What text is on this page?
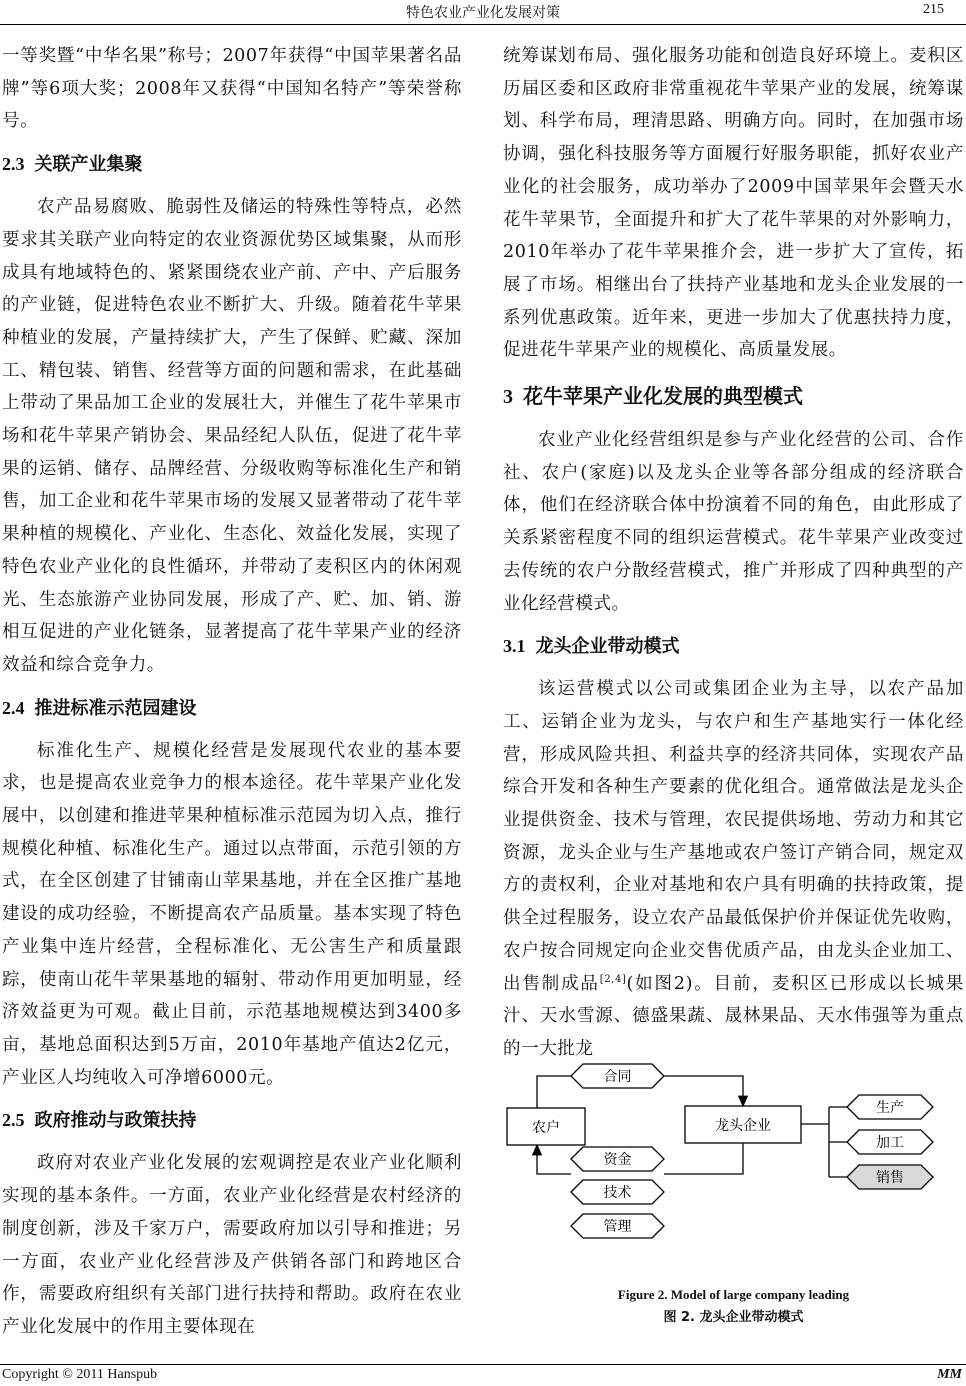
特色农业产业化发展对策	215

一等奖暨“中华名果”称号；2007年获得“中国苹果著名品牌”等6项大奖；2008年又获得“中国知名特产”等荣誉称号。

2.3 关联产业集聚

农产品易腐败、脆弱性及储运的特殊性等特点，必然要求其关联产业向特定的农业资源优势区域集聚，从而形成具有地域特色的、紧紧围绕农业产前、产中、产后服务的产业链，促进特色农业不断扩大、升级。随着花牛苹果种植业的发展，产量持续扩大，产生了保鲜、贮藏、深加工、精包装、销售、经营等方面的问题和需求，在此基础上带动了果品加工企业的发展壮大，并催生了花牛苹果市场和花牛苹果产销协会、果品经纪人队伍，促进了花牛苹果的运销、储存、品牌经营、分级收购等标准化生产和销售，加工企业和花牛苹果市场的发展又显著带动了花牛苹果种植的规模化、产业化、生态化、效益化发展，实现了特色农业产业化的良性循环，并带动了麦积区内的休闲观光、生态旅游产业协同发展，形成了产、贮、加、销、游相互促进的产业化链条，显著提高了花牛苹果产业的经济效益和综合竞争力。

2.4 推进标准示范园建设

标准化生产、规模化经营是发展现代农业的基本要求，也是提高农业竞争力的根本途径。花牛苹果产业化发展中，以创建和推进苹果种植标准示范园为切入点，推行规模化种植、标准化生产。通过以点带面，示范引领的方式，在全区创建了甘铺南山苹果基地，并在全区推广基地建设的成功经验，不断提高农产品质量。基本实现了特色产业集中连片经营，全程标准化、无公害生产和质量跟踪，使南山花牛苹果基地的辐射、带动作用更加明显，经济效益更为可观。截止目前，示范基地规模达到3400多亩，基地总面积达到5万亩，2010年基地产值达2亿元，产业区人均纯收入可净增6000元。

2.5 政府推动与政策扶持

政府对农业产业化发展的宏观调控是农业产业化顺利实现的基本条件。一方面，农业产业化经营是农村经济的制度创新，涉及千家万户，需要政府加以引导和推进；另一方面，农业产业化经营涉及产供销各部门和跨地区合作，需要政府组织有关部门进行扶持和帮助。政府在农业产业化发展中的作用主要体现在

统筹谋划布局、强化服务功能和创造良好环境上。麦积区历届区委和区政府非常重视花牛苹果产业的发展，统筹谋划、科学布局，理清思路、明确方向。同时，在加强市场协调，强化科技服务等方面履行好服务职能，抓好农业产业化的社会服务，成功举办了2009中国苹果年会暨天水花牛苹果节，全面提升和扩大了花牛苹果的对外影响力，2010年举办了花牛苹果推介会，进一步扩大了宣传，拓展了市场。相继出台了扶持产业基地和龙头企业发展的一系列优惠政策。近年来，更进一步加大了优惠扶持力度，促进花牛苹果产业的规模化、高质量发展。

3 花牛苹果产业化发展的典型模式

农业产业化经营组织是参与产业化经营的公司、合作社、农户(家庭)以及龙头企业等各部分组成的经济联合体，他们在经济联合体中扮演着不同的角色，由此形成了关系紧密程度不同的组织运营模式。花牛苹果产业改变过去传统的农户分散经营模式，推广并形成了四种典型的产业化经营模式。

3.1 龙头企业带动模式

该运营模式以公司或集团企业为主导，以农产品加工、运销企业为龙头，与农户和生产基地实行一体化经营，形成风险共担、利益共享的经济共同体，实现农产品综合开发和各种生产要素的优化组合。通常做法是龙头企业提供资金、技术与管理，农民提供场地、劳动力和其它资源，龙头企业与生产基地或农户签订产销合同，规定双方的责权利，企业对基地和农户具有明确的扶持政策，提供全过程服务，设立农产品最低保护价并保证优先收购，农户按合同规定向企业交售优质产品，由龙头企业加工、出售制成品[2,4](如图2)。目前，麦积区已形成以长城果汁、天水雪源、德盛果蔬、晟林果品、天水伟强等为重点的一大批龙

合同
农户	龙头企业
资金
技术
管理
生产
加工
销售
Figure 2. Model of large company leading
图 2. 龙头企业带动模式
Copyright © 2011 Hanspub	MM
